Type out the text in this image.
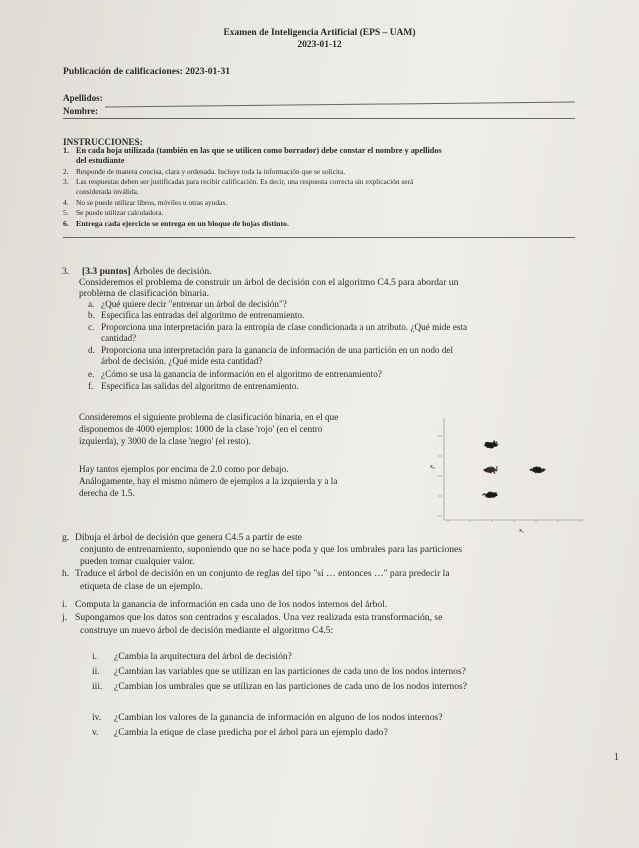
Examen de Inteligencia Artificial (EPS – UAM)
2023-01-12
Publicación de calificaciones: 2023-01-31
Apellidos:
Nombre:
INSTRUCCIONES:
1. En cada hoja utilizada (también en las que se utilicen como borrador) debe constar el nombre y apellidos
del estudiante
2. Responde de manera concisa, clara y ordenada. Incluye toda la información que se solicita.
3. Las respuestas deben ser justificadas para recibir calificación. Es decir, una respuesta correcta sin explicación será
considerada inválida.
4. No se puede utilizar libros, móviles u otras ayudas.
5. Se puede utilizar calculadora.
6. Entrega cada ejercicio se entrega en un bloque de hojas distinto.
3. [3.3 puntos] Árboles de decisión.
Consideremos el problema de construir un árbol de decisión con el algoritmo C4.5 para abordar un
problema de clasificación binaria.
a. ¿Qué quiere decir "entrenar un árbol de decisión"?
b. Especifica las entradas del algoritmo de entrenamiento.
c. Proporciona una interpretación para la entropía de clase condicionada a un atributo. ¿Qué mide esta
cantidad?
d. Proporciona una interpretación para la ganancia de información de una partición en un nodo del
árbol de decisión. ¿Qué mide esta cantidad?
e. ¿Cómo se usa la ganancia de información en el algoritmo de entrenamiento?
f. Especifica las salidas del algoritmo de entrenamiento.
Consideremos el siguiente problema de clasificación binaria, en el que
disponemos de 4000 ejemplos: 1000 de la clase 'rojo' (en el centro
izquierda), y 3000 de la clase 'negro' (el resto).
Hay tantos ejemplos por encima de 2.0 como por debajo.
Análogamente, hay el mismo número de ejemplos a la izquierda y a la
derecha de 1.5.
x₁
x₂
g. Dibuja el árbol de decisión que genera C4.5 a partir de este
conjunto de entrenamiento, suponiendo que no se hace poda y que los umbrales para las particiones
pueden tomar cualquier valor.
h. Traduce el árbol de decisión en un conjunto de reglas del tipo "si … entonces …" para predecir la
etiqueta de clase de un ejemplo.
i. Computa la ganancia de información en cada uno de los nodos internos del árbol.
j. Supongamos que los datos son centrados y escalados. Una vez realizada esta transformación, se
construye un nuevo árbol de decisión mediante el algoritmo C4.5:
i. ¿Cambia la arquitectura del árbol de decisión?
ii. ¿Cambian las variables que se utilizan en las particiones de cada uno de los nodos internos?
iii. ¿Cambian los umbrales que se utilizan en las particiones de cada uno de los nodos internos?
iv. ¿Cambian los valores de la ganancia de información en alguno de los nodos internos?
v. ¿Cambia la etique de clase predicha por el árbol para un ejemplo dado?
1
